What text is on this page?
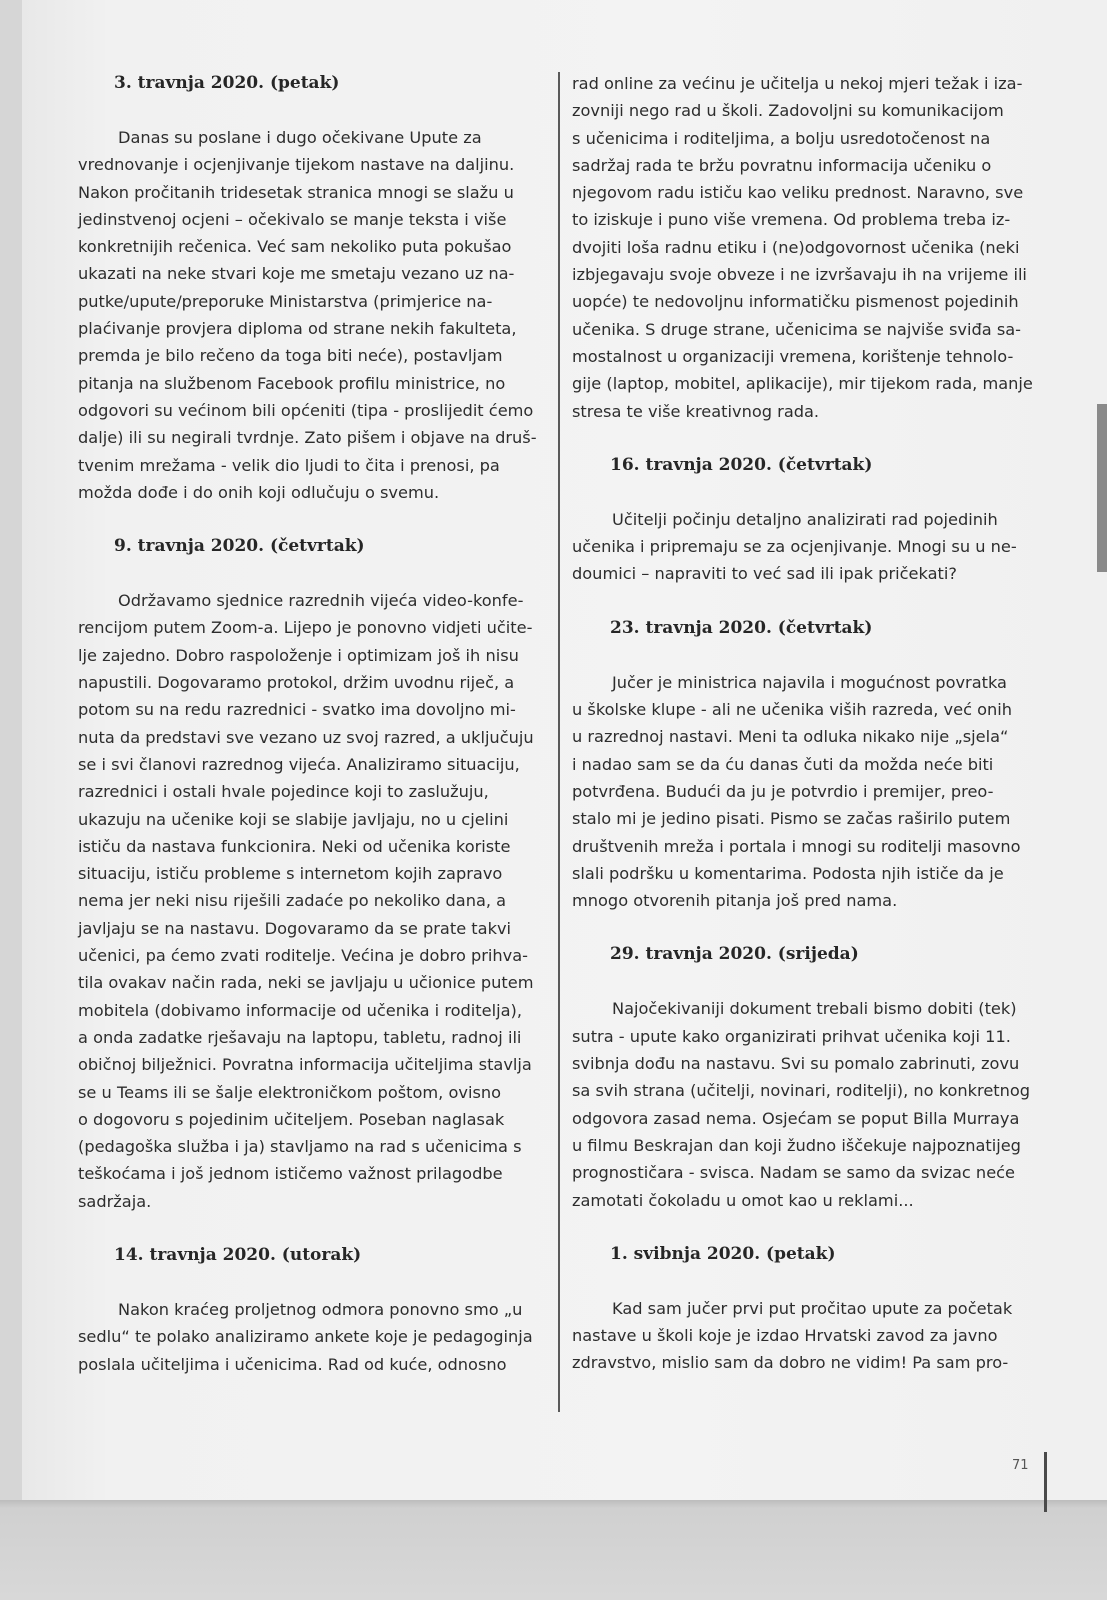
3. travnja 2020. (petak)

Danas su poslane i dugo očekivane Upute za
vrednovanje i ocjenjivanje tijekom nastave na daljinu.
Nakon pročitanih tridesetak stranica mnogi se slažu u
jedinstvenoj ocjeni – očekivalo se manje teksta i više
konkretnijih rečenica. Već sam nekoliko puta pokušao
ukazati na neke stvari koje me smetaju vezano uz na-
putke/upute/preporuke Ministarstva (primjerice na-
plaćivanje provjera diploma od strane nekih fakulteta,
premda je bilo rečeno da toga biti neće), postavljam
pitanja na službenom Facebook profilu ministrice, no
odgovori su većinom bili općeniti (tipa - proslijedit ćemo
dalje) ili su negirali tvrdnje. Zato pišem i objave na druš-
tvenim mrežama - velik dio ljudi to čita i prenosi, pa
možda dođe i do onih koji odlučuju o svemu.

9. travnja 2020. (četvrtak)

Održavamo sjednice razrednih vijeća video-konfe-
rencijom putem Zoom-a. Lijepo je ponovno vidjeti učite-
lje zajedno. Dobro raspoloženje i optimizam još ih nisu
napustili. Dogovaramo protokol, držim uvodnu riječ, a
potom su na redu razrednici - svatko ima dovoljno mi-
nuta da predstavi sve vezano uz svoj razred, a uključuju
se i svi članovi razrednog vijeća. Analiziramo situaciju,
razrednici i ostali hvale pojedince koji to zaslužuju,
ukazuju na učenike koji se slabije javljaju, no u cjelini
ističu da nastava funkcionira. Neki od učenika koriste
situaciju, ističu probleme s internetom kojih zapravo
nema jer neki nisu riješili zadaće po nekoliko dana, a
javljaju se na nastavu. Dogovaramo da se prate takvi
učenici, pa ćemo zvati roditelje. Većina je dobro prihva-
tila ovakav način rada, neki se javljaju u učionice putem
mobitela (dobivamo informacije od učenika i roditelja),
a onda zadatke rješavaju na laptopu, tabletu, radnoj ili
običnoj bilježnici. Povratna informacija učiteljima stavlja
se u Teams ili se šalje elektroničkom poštom, ovisno
o dogovoru s pojedinim učiteljem. Poseban naglasak
(pedagoška služba i ja) stavljamo na rad s učenicima s
teškoćama i još jednom ističemo važnost prilagodbe
sadržaja.

14. travnja 2020. (utorak)

Nakon kraćeg proljetnog odmora ponovno smo „u
sedlu“ te polako analiziramo ankete koje je pedagoginja
poslala učiteljima i učenicima. Rad od kuće, odnosno

rad online za većinu je učitelja u nekoj mjeri težak i iza-
zovniji nego rad u školi. Zadovoljni su komunikacijom
s učenicima i roditeljima, a bolju usredotočenost na
sadržaj rada te bržu povratnu informacija učeniku o
njegovom radu ističu kao veliku prednost. Naravno, sve
to iziskuje i puno više vremena. Od problema treba iz-
dvojiti loša radnu etiku i (ne)odgovornost učenika (neki
izbjegavaju svoje obveze i ne izvršavaju ih na vrijeme ili
uopće) te nedovoljnu informatičku pismenost pojedinih
učenika. S druge strane, učenicima se najviše sviđa sa-
mostalnost u organizaciji vremena, korištenje tehnolo-
gije (laptop, mobitel, aplikacije), mir tijekom rada, manje
stresa te više kreativnog rada.

16. travnja 2020. (četvrtak)

Učitelji počinju detaljno analizirati rad pojedinih
učenika i pripremaju se za ocjenjivanje. Mnogi su u ne-
doumici – napraviti to već sad ili ipak pričekati?

23. travnja 2020. (četvrtak)

Jučer je ministrica najavila i mogućnost povratka
u školske klupe - ali ne učenika viših razreda, već onih
u razrednoj nastavi. Meni ta odluka nikako nije „sjela“
i nadao sam se da ću danas čuti da možda neće biti
potvrđena. Budući da ju je potvrdio i premijer, preo-
stalo mi je jedino pisati. Pismo se začas raširilo putem
društvenih mreža i portala i mnogi su roditelji masovno
slali podršku u komentarima. Podosta njih ističe da je
mnogo otvorenih pitanja još pred nama.

29. travnja 2020. (srijeda)

Najočekivaniji dokument trebali bismo dobiti (tek)
sutra - upute kako organizirati prihvat učenika koji 11.
svibnja dođu na nastavu. Svi su pomalo zabrinuti, zovu
sa svih strana (učitelji, novinari, roditelji), no konkretnog
odgovora zasad nema. Osjećam se poput Billa Murraya
u filmu Beskrajan dan koji žudno iščekuje najpoznatijeg
prognostičara - svisca. Nadam se samo da svizac neće
zamotati čokoladu u omot kao u reklami...

1. svibnja 2020. (petak)

Kad sam jučer prvi put pročitao upute za početak
nastave u školi koje je izdao Hrvatski zavod za javno
zdravstvo, mislio sam da dobro ne vidim! Pa sam pro-

71
